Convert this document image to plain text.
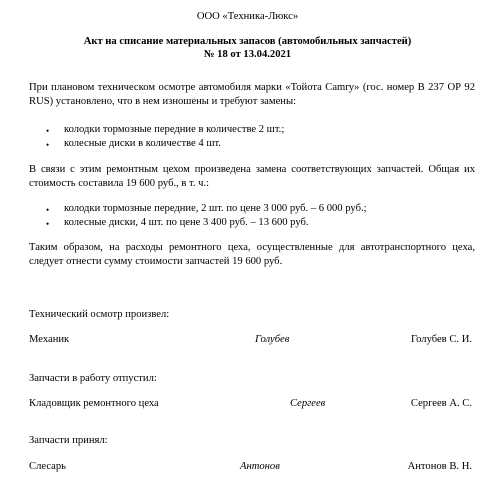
ООО «Техника-Люкс»
Акт на списание материальных запасов (автомобильных запчастей)
№ 18 от 13.04.2021
При плановом техническом осмотре автомобиля марки «Тойота Camry» (гос. номер В 237 ОР 92 RUS) установлено, что в нем изношены и требуют замены:
• колодки тормозные передние в количестве 2 шт.;
• колесные диски в количестве 4 шт.
В связи с этим ремонтным цехом произведена замена соответствующих запчастей. Общая их стоимость составила 19 600 руб., в т. ч.:
• колодки тормозные передние, 2 шт. по цене 3 000 руб. – 6 000 руб.;
• колесные диски, 4 шт. по цене 3 400 руб. – 13 600 руб.
Таким образом, на расходы ремонтного цеха, осуществленные для автотранспортного цеха, следует отнести сумму стоимости запчастей 19 600 руб.
Технический осмотр произвел:
Механик	Голубев	Голубев С. И.
Запчасти в работу отпустил:
Кладовщик ремонтного цеха	Сергеев	Сергеев А. С.
Запчасти принял:
Слесарь	Антонов	Антонов В. Н.
